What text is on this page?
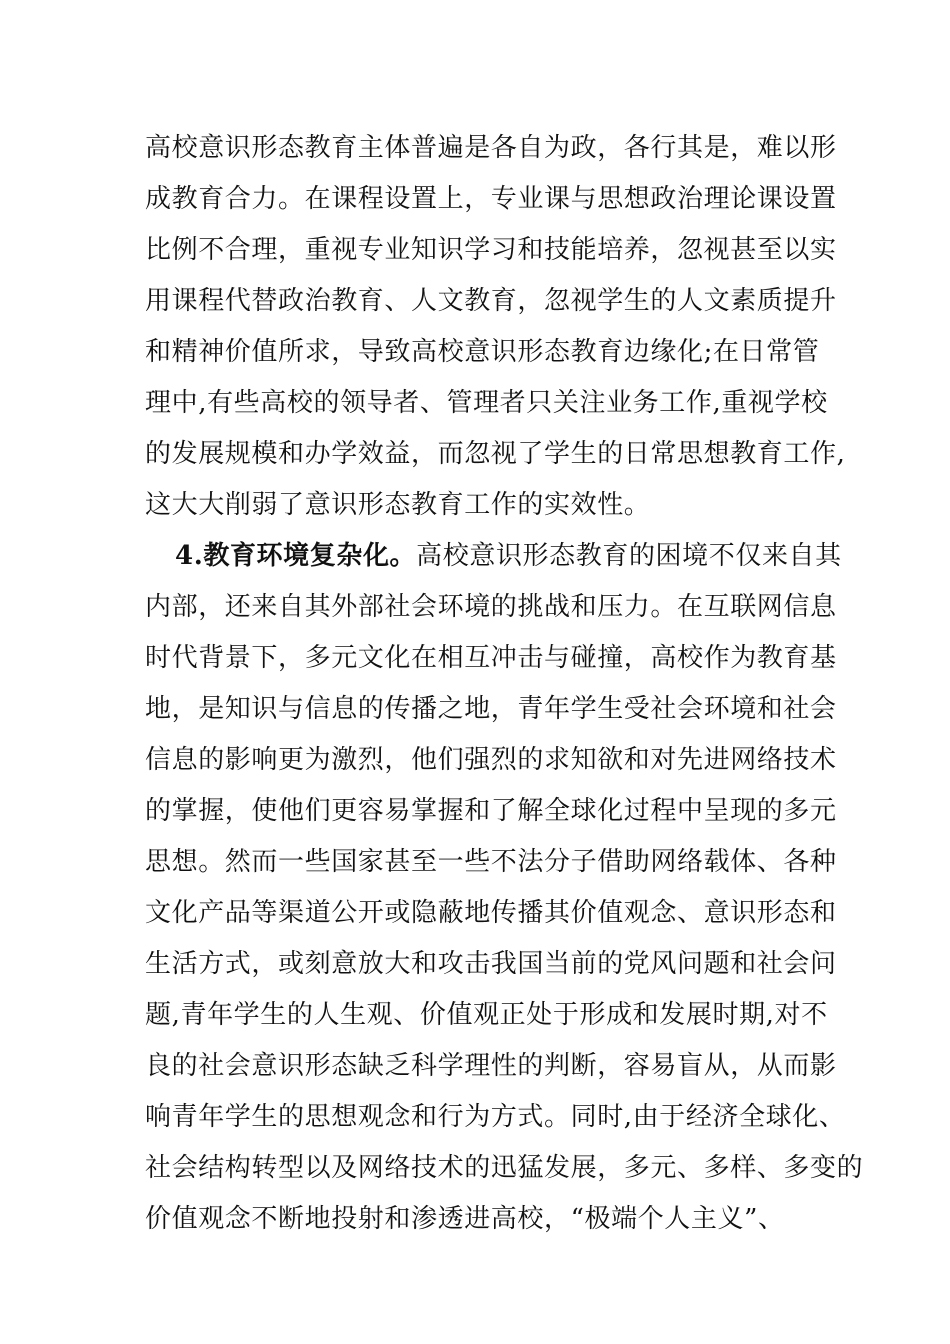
高校意识形态教育主体普遍是各自为政，各行其是，难以形
成教育合力。在课程设置上，专业课与思想政治理论课设置
比例不合理，重视专业知识学习和技能培养，忽视甚至以实
用课程代替政治教育、人文教育，忽视学生的人文素质提升
和精神价值所求，导致高校意识形态教育边缘化;在日常管
理中,有些高校的领导者、管理者只关注业务工作,重视学校
的发展规模和办学效益，而忽视了学生的日常思想教育工作,
这大大削弱了意识形态教育工作的实效性。
4.教育环境复杂化。高校意识形态教育的困境不仅来自其
内部，还来自其外部社会环境的挑战和压力。在互联网信息
时代背景下，多元文化在相互冲击与碰撞，高校作为教育基
地，是知识与信息的传播之地，青年学生受社会环境和社会
信息的影响更为激烈，他们强烈的求知欲和对先进网络技术
的掌握，使他们更容易掌握和了解全球化过程中呈现的多元
思想。然而一些国家甚至一些不法分子借助网络载体、各种
文化产品等渠道公开或隐蔽地传播其价值观念、意识形态和
生活方式，或刻意放大和攻击我国当前的党风问题和社会问
题,青年学生的人生观、价值观正处于形成和发展时期,对不
良的社会意识形态缺乏科学理性的判断，容易盲从，从而影
响青年学生的思想观念和行为方式。同时,由于经济全球化、
社会结构转型以及网络技术的迅猛发展，多元、多样、多变的
价值观念不断地投射和渗透进高校，“极端个人主义”、
